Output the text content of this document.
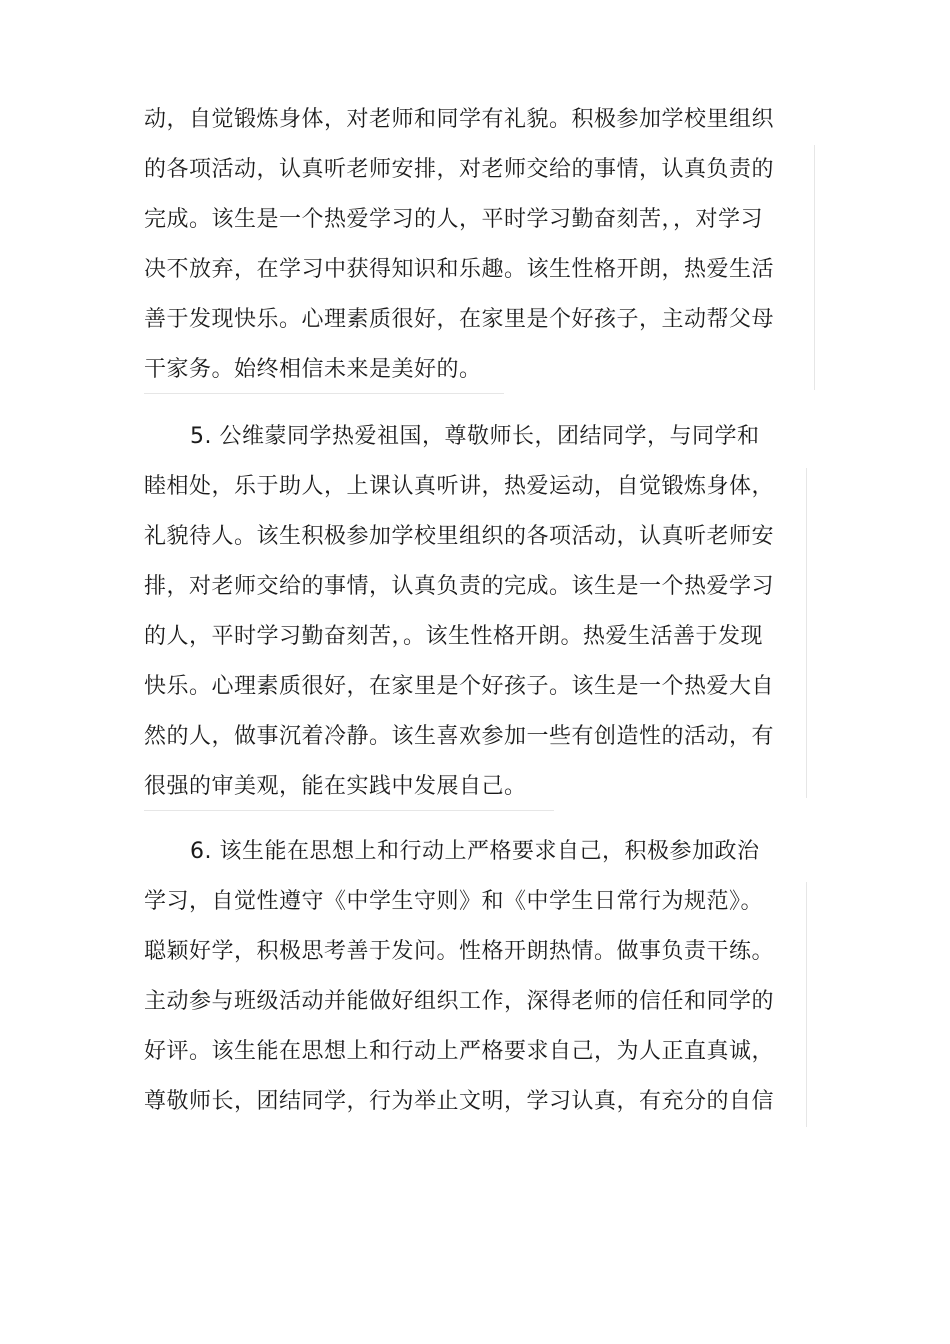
动，自觉锻炼身体，对老师和同学有礼貌。积极参加学校里组织
的各项活动，认真听老师安排，对老师交给的事情，认真负责的
完成。该生是一个热爱学习的人，平时学习勤奋刻苦，，对学习
决不放弃，在学习中获得知识和乐趣。该生性格开朗，热爱生活
善于发现快乐。心理素质很好，在家里是个好孩子，主动帮父母
干家务。始终相信未来是美好的。
5. 公维蒙同学热爱祖国，尊敬师长，团结同学，与同学和
睦相处，乐于助人，上课认真听讲，热爱运动，自觉锻炼身体，
礼貌待人。该生积极参加学校里组织的各项活动，认真听老师安
排，对老师交给的事情，认真负责的完成。该生是一个热爱学习
的人，平时学习勤奋刻苦，。该生性格开朗。热爱生活善于发现
快乐。心理素质很好，在家里是个好孩子。该生是一个热爱大自
然的人，做事沉着冷静。该生喜欢参加一些有创造性的活动，有
很强的审美观，能在实践中发展自己。
6. 该生能在思想上和行动上严格要求自己，积极参加政治
学习，自觉性遵守《中学生守则》和《中学生日常行为规范》。
聪颖好学，积极思考善于发问。性格开朗热情。做事负责干练。
主动参与班级活动并能做好组织工作，深得老师的信任和同学的
好评。该生能在思想上和行动上严格要求自己，为人正直真诚，
尊敬师长，团结同学，行为举止文明，学习认真，有充分的自信
